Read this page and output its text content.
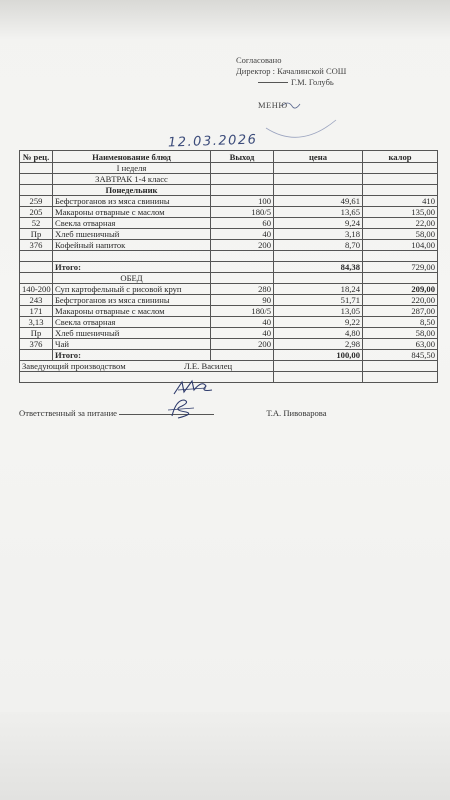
Согласовано
Директор : Качалинской СОШ
Г.М. Голубь
МЕНЮ
12.03.2026
№ рец.	Наименование блюд	Выход	цена	калор
	I неделя			
	ЗАВТРАК 1-4 класс			
	Понедельник			
259	Бефстроганов из мяса свинины	100	49,61	410
205	Макароны отварные с маслом	180/5	13,65	135,00
52	Свекла отварная	60	9,24	22,00
Пр	Хлеб пшеничный	40	3,18	58,00
376	Кофейный напиток	200	8,70	104,00

	Итого:		84,38	729,00
	ОБЕД			
140-200	Суп картофельный с рисовой круп	280	18,24	209,00
243	Бефстроганов из мяса свинины	90	51,71	220,00
171	Макароны отварные с маслом	180/5	13,05	287,00
3,13	Свекла отварная	40	9,22	8,50
Пр	Хлеб пшеничный	40	4,80	58,00
376	Чай	200	2,98	63,00
	Итого:		100,00	845,50
Заведующий производством Л.Е. Василец				

Ответственный за питание	Т.А. Пивоварова
